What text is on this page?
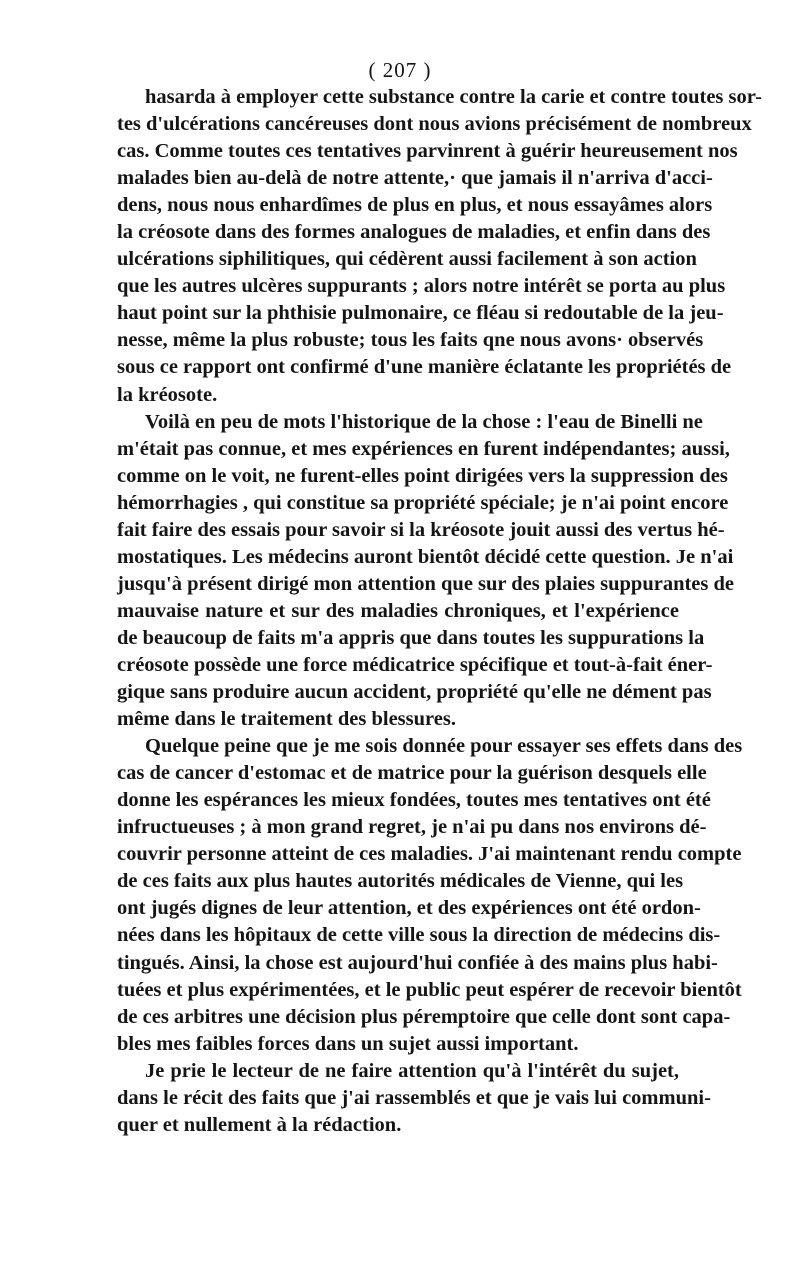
( 207 )
hasarda à employer cette substance contre la carie et contre toutes sor-
tes d'ulcérations cancéreuses dont nous avions précisément de nombreux
cas. Comme toutes ces tentatives parvinrent à guérir heureusement nos
malades bien au-delà de notre attente,· que jamais il n'arriva d'acci-
dens, nous nous enhardîmes de plus en plus, et nous essayâmes alors
la créosote dans des formes analogues de maladies, et enfin dans des
ulcérations siphilitiques, qui cédèrent aussi facilement à son action
que les autres ulcères suppurants ; alors notre intérêt se porta au plus
haut point sur la phthisie pulmonaire, ce fléau si redoutable de la jeu-
nesse, même la plus robuste; tous les faits qne nous avons· observés
sous ce rapport ont confirmé d'une manière éclatante les propriétés de
la kréosote.
Voilà en peu de mots l'historique de la chose : l'eau de Binelli ne
m'était pas connue, et mes expériences en furent indépendantes; aussi,
comme on le voit, ne furent-elles point dirigées vers la suppression des
hémorrhagies , qui constitue sa propriété spéciale; je n'ai point encore
fait faire des essais pour savoir si la kréosote jouit aussi des vertus hé-
mostatiques. Les médecins auront bientôt décidé cette question. Je n'ai
jusqu'à présent dirigé mon attention que sur des plaies suppurantes de
mauvaise nature et sur des maladies chroniques, et l'expérience
de beaucoup de faits m'a appris que dans toutes les suppurations la
créosote possède une force médicatrice spécifique et tout-à-fait éner-
gique sans produire aucun accident, propriété qu'elle ne dément pas
même dans le traitement des blessures.
Quelque peine que je me sois donnée pour essayer ses effets dans des
cas de cancer d'estomac et de matrice pour la guérison desquels elle
donne les espérances les mieux fondées, toutes mes tentatives ont été
infructueuses ; à mon grand regret, je n'ai pu dans nos environs dé-
couvrir personne atteint de ces maladies. J'ai maintenant rendu compte
de ces faits aux plus hautes autorités médicales de Vienne, qui les
ont jugés dignes de leur attention, et des expériences ont été ordon-
nées dans les hôpitaux de cette ville sous la direction de médecins dis-
tingués. Ainsi, la chose est aujourd'hui confiée à des mains plus habi-
tuées et plus expérimentées, et le public peut espérer de recevoir bientôt
de ces arbitres une décision plus péremptoire que celle dont sont capa-
bles mes faibles forces dans un sujet aussi important.
Je prie le lecteur de ne faire attention qu'à l'intérêt du sujet,
dans le récit des faits que j'ai rassemblés et que je vais lui communi-
quer et nullement à la rédaction.
